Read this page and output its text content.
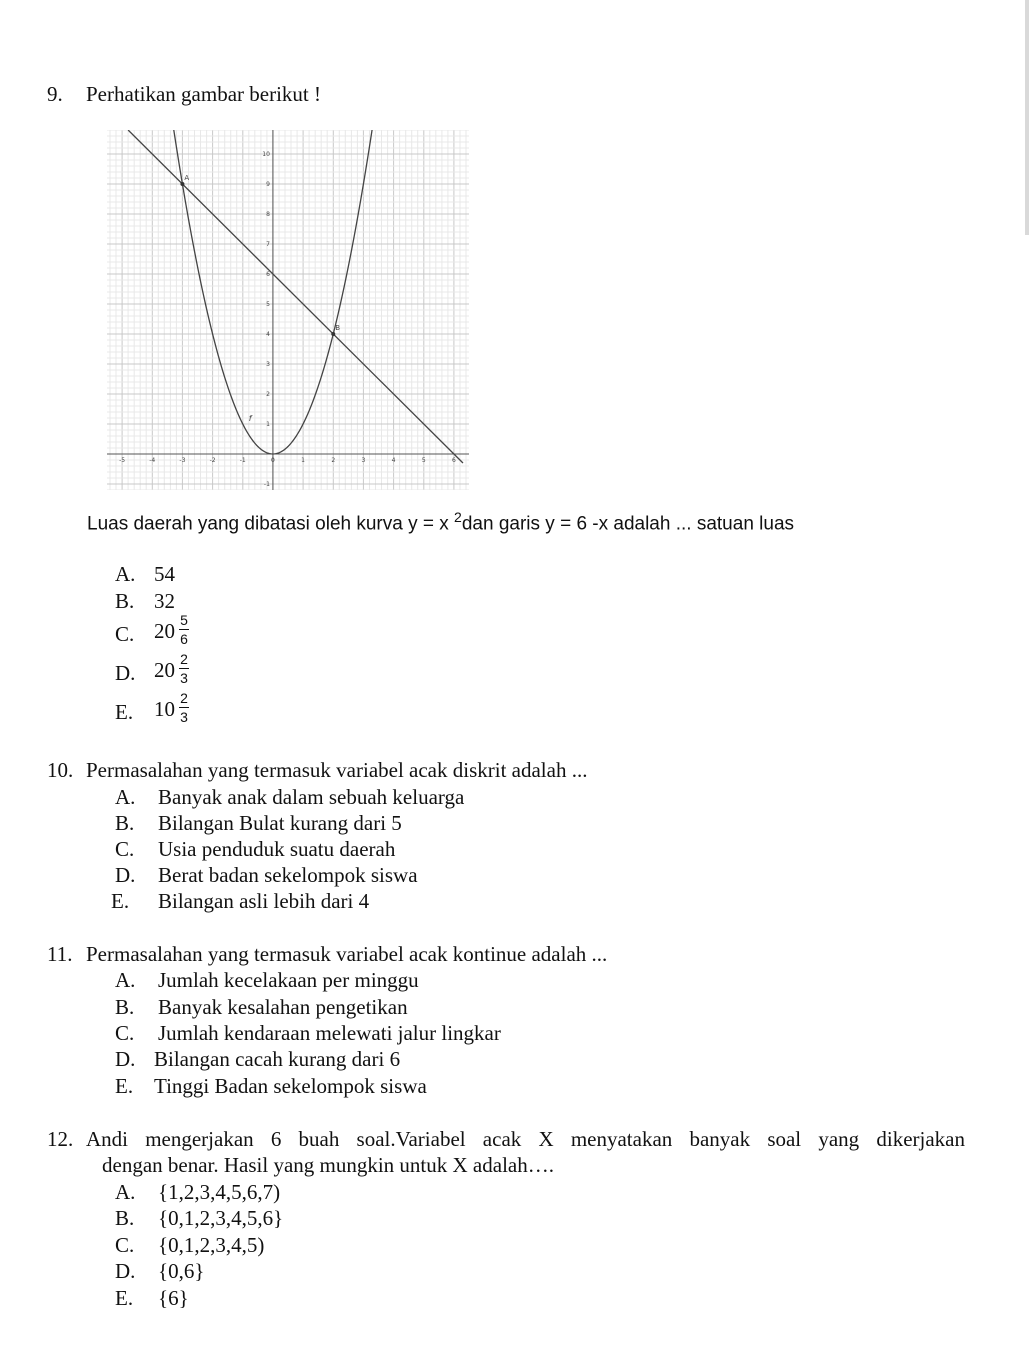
9. Perhatikan gambar berikut !
-5	-4	-3	-2	-1	0	1	2	3	4	5	6
-1
1
2
3
4
5
6
7
8
9
10
f
A
B
Luas daerah yang dibatasi oleh kurva y = x $^2$dan garis y = 6 -x adalah ... satuan luas
A. 54
B. 32
C. $20 \frac{5}{6}$
D. $20 \frac{2}{3}$
E. $10 \frac{2}{3}$
10. Permasalahan yang termasuk variabel acak diskrit adalah ...
A. Banyak anak dalam sebuah keluarga
B. Bilangan Bulat kurang dari 5
C. Usia penduduk suatu daerah
D. Berat badan sekelompok siswa
E. Bilangan asli lebih dari 4
11. Permasalahan yang termasuk variabel acak kontinue adalah ...
A. Jumlah kecelakaan per minggu
B. Banyak kesalahan pengetikan
C. Jumlah kendaraan melewati jalur lingkar
D. Bilangan cacah kurang dari 6
E. Tinggi Badan sekelompok siswa
12. Andi mengerjakan 6 buah soal.Variabel acak X menyatakan banyak soal yang dikerjakan
dengan benar. Hasil yang mungkin untuk X adalah….
A. {1,2,3,4,5,6,7)
B. {0,1,2,3,4,5,6}
C. {0,1,2,3,4,5)
D. {0,6}
E. {6}
